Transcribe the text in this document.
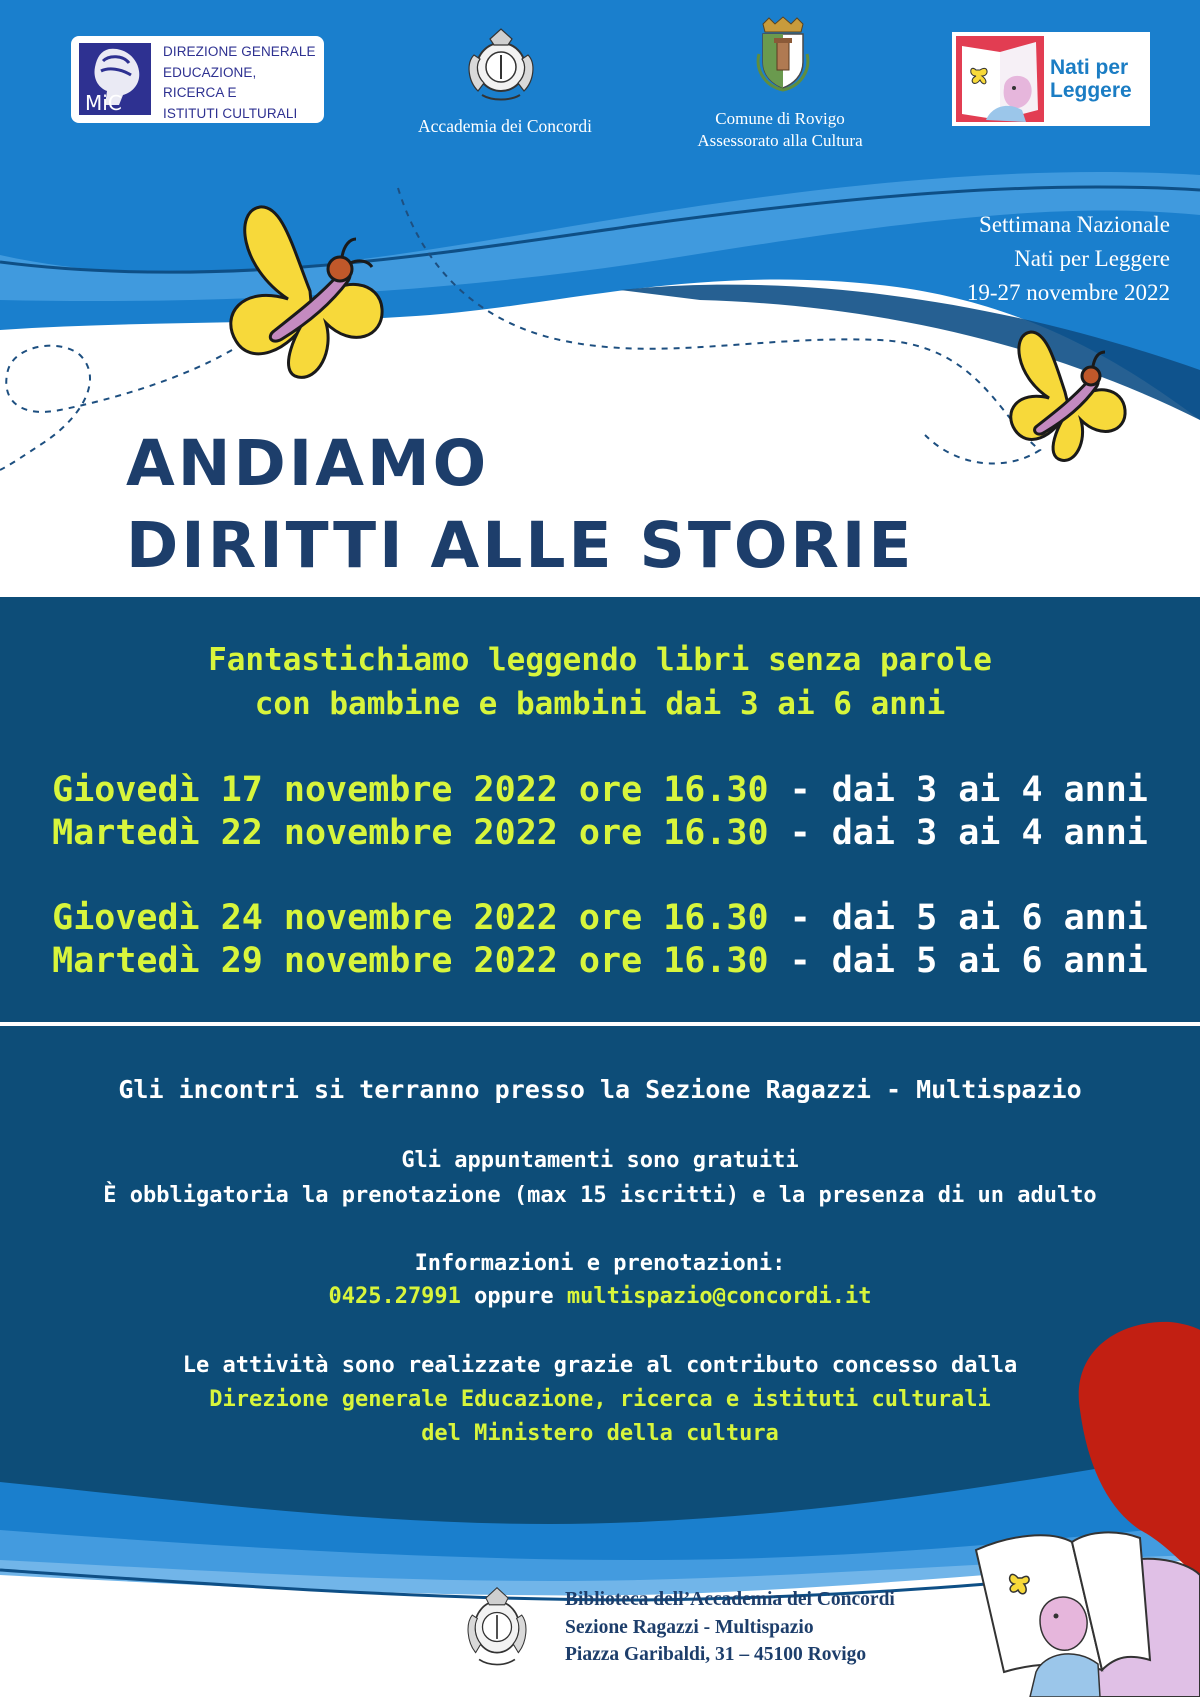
MiC
DIREZIONE GENERALE
EDUCAZIONE,
RICERCA E
ISTITUTI CULTURALI
Accademia dei Concordi	Comune di Rovigo
Assessorato alla Cultura
Nati per
Leggere
Settimana Nazionale
Nati per Leggere
19-27 novembre 2022
ANDIAMO
DIRITTI ALLE STORIE
Fantastichiamo leggendo libri senza parole
con bambine e bambini dai 3 ai 6 anni
Giovedì 17 novembre 2022 ore 16.30 - dai 3 ai 4 anni
Martedì 22 novembre 2022 ore 16.30 - dai 3 ai 4 anni
Giovedì 24 novembre 2022 ore 16.30 - dai 5 ai 6 anni
Martedì 29 novembre 2022 ore 16.30 - dai 5 ai 6 anni
Gli incontri si terranno presso la Sezione Ragazzi - Multispazio
Gli appuntamenti sono gratuiti
È obbligatoria la prenotazione (max 15 iscritti) e la presenza di un adulto
Informazioni e prenotazioni:
0425.27991 oppure multispazio@concordi.it
Le attività sono realizzate grazie al contributo concesso dalla
Direzione generale Educazione, ricerca e istituti culturali
del Ministero della cultura
Biblioteca dell’Accademia dei Concordi
Sezione Ragazzi - Multispazio
Piazza Garibaldi, 31 – 45100 Rovigo
